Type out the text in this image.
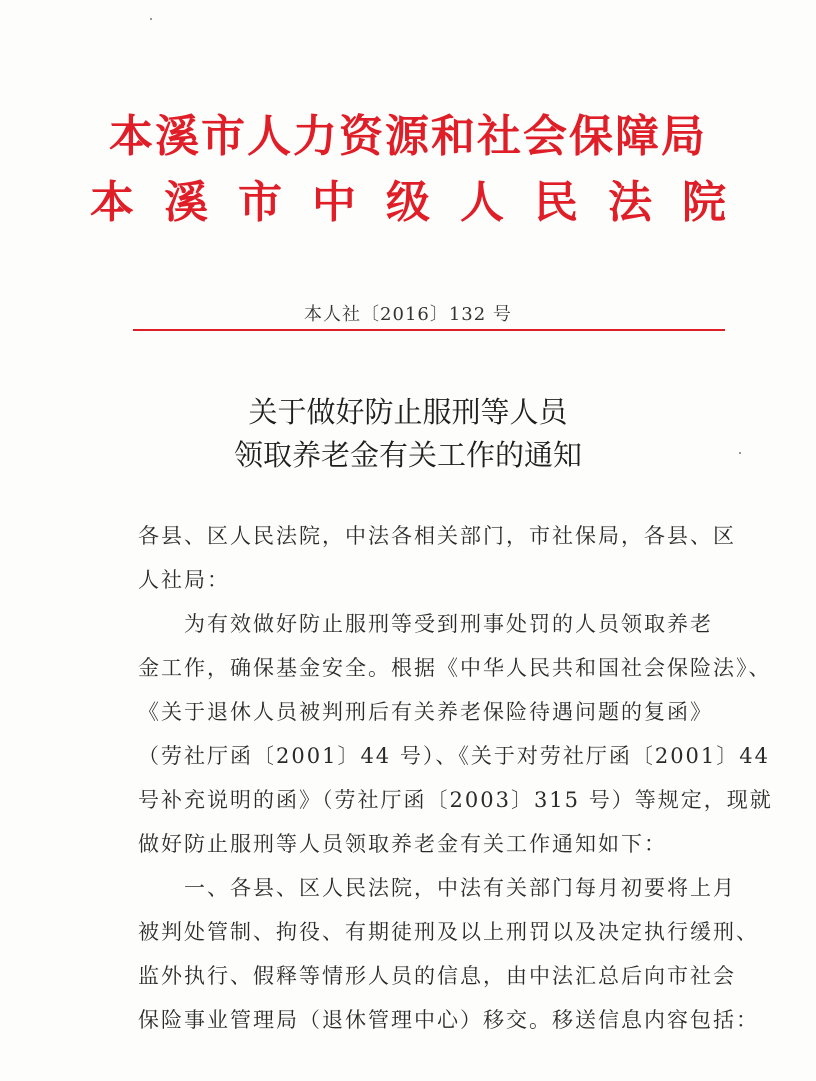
本溪市人力资源和社会保障局
本溪市中级人民法院
本人社〔2016〕132 号
关于做好防止服刑等人员
领取养老金有关工作的通知
各县、区人民法院，中法各相关部门，市社保局，各县、区
人社局：
　　为有效做好防止服刑等受到刑事处罚的人员领取养老
金工作，确保基金安全。根据《中华人民共和国社会保险法》、
《关于退休人员被判刑后有关养老保险待遇问题的复函》
（劳社厅函〔2001〕44 号）、《关于对劳社厅函〔2001〕44
号补充说明的函》（劳社厅函〔2003〕315 号）等规定，现就
做好防止服刑等人员领取养老金有关工作通知如下：
　　一、各县、区人民法院，中法有关部门每月初要将上月
被判处管制、拘役、有期徒刑及以上刑罚以及决定执行缓刑、
监外执行、假释等情形人员的信息，由中法汇总后向市社会
保险事业管理局（退休管理中心）移交。移送信息内容包括：
